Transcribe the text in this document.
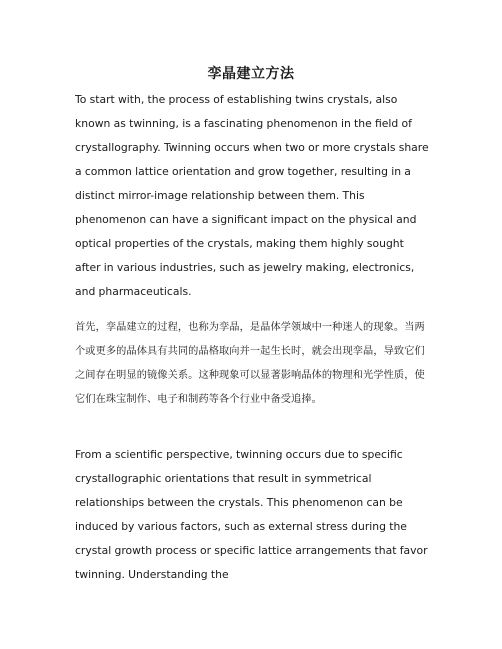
孪晶建立方法

To start with, the process of establishing twins crystals, also known as twinning, is a fascinating phenomenon in the field of crystallography. Twinning occurs when two or more crystals share a common lattice orientation and grow together, resulting in a distinct mirror-image relationship between them. This phenomenon can have a significant impact on the physical and optical properties of the crystals, making them highly sought after in various industries, such as jewelry making, electronics, and pharmaceuticals.

首先，孪晶建立的过程，也称为孪晶，是晶体学领域中一种迷人的现象。当两个或更多的晶体具有共同的晶格取向并一起生长时，就会出现孪晶，导致它们之间存在明显的镜像关系。这种现象可以显著影响晶体的物理和光学性质，使它们在珠宝制作、电子和制药等各个行业中备受追捧。

From a scientific perspective, twinning occurs due to specific crystallographic orientations that result in symmetrical relationships between the crystals. This phenomenon can be induced by various factors, such as external stress during the crystal growth process or specific lattice arrangements that favor twinning. Understanding the
